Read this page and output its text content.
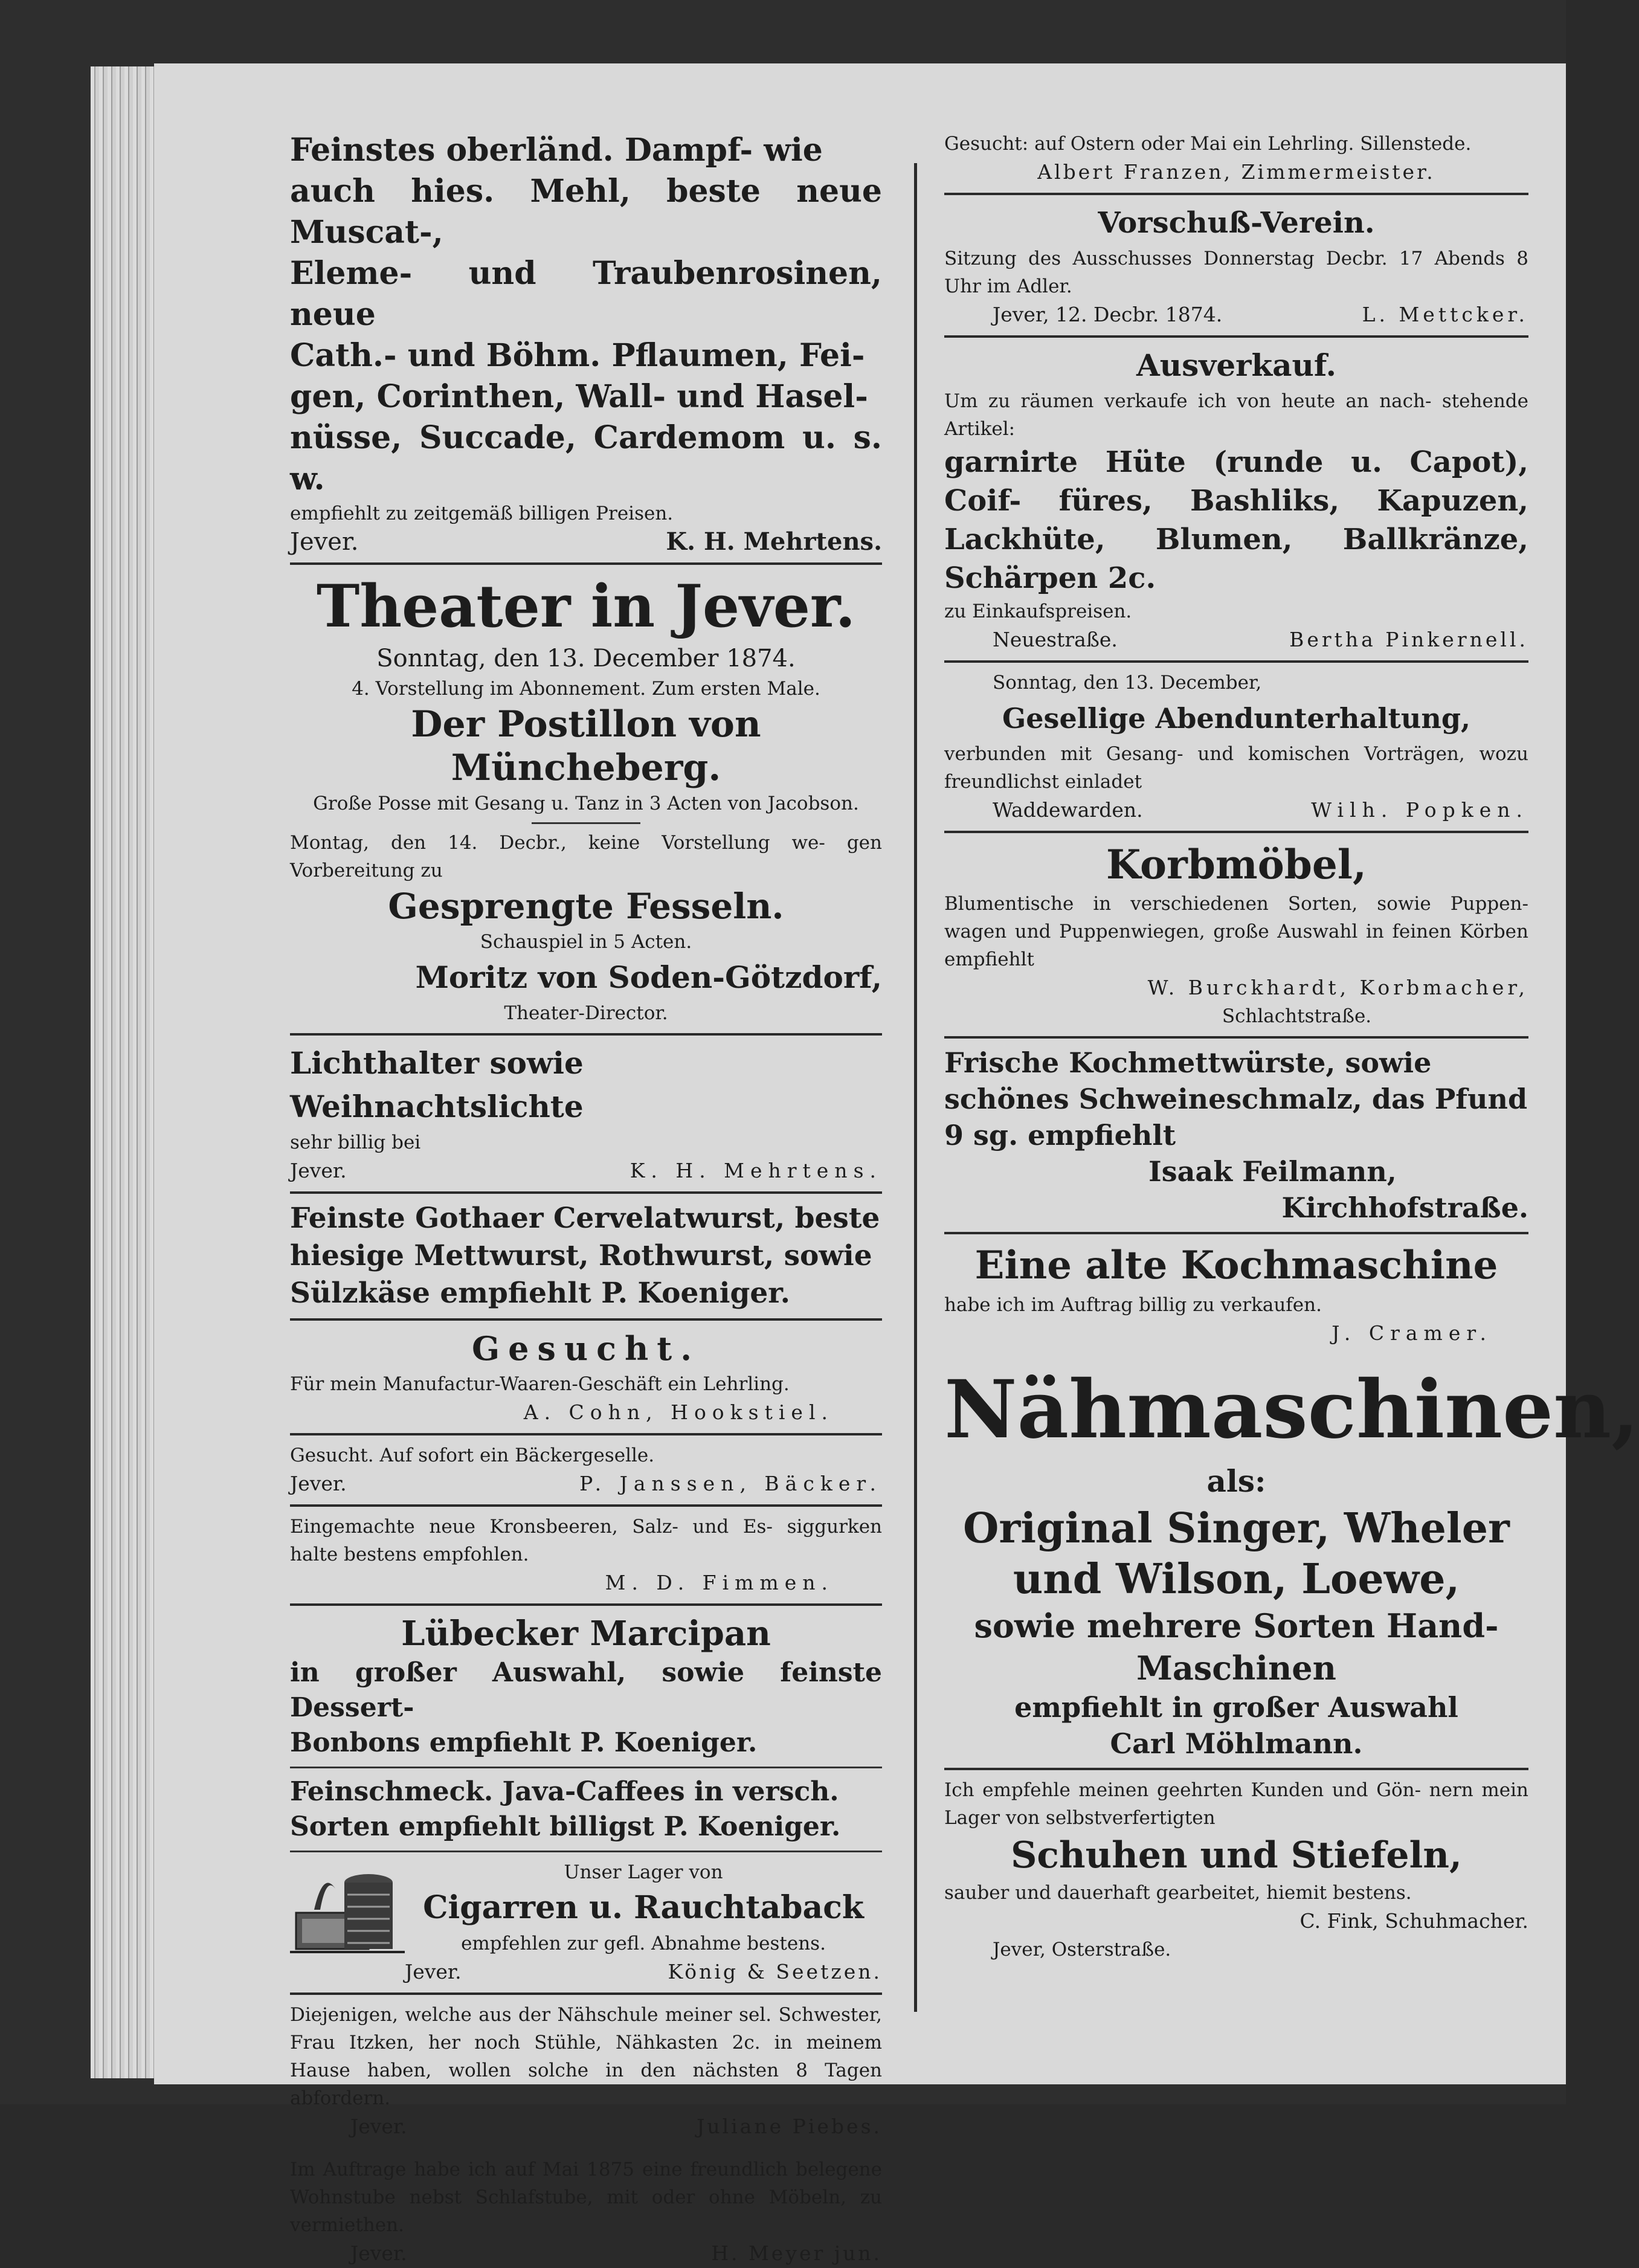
Feinstes oberländ. Dampf- wie
auch hies. Mehl, beste neue Muscat-,
Eleme- und Traubenrosinen, neue
Cath.- und Böhm. Pflaumen, Fei-
gen, Corinthen, Wall- und Hasel-
nüsse, Succade, Cardemom u. s. w.
empfiehlt zu zeitgemäß billigen Preisen.
Jever.	K. H. Mehrtens.
Theater in Jever.
Sonntag, den 13. December 1874.
4. Vorstellung im Abonnement. Zum ersten Male.
Der Postillon von Müncheberg.
Große Posse mit Gesang u. Tanz in 3 Acten von Jacobson.
Montag, den 14. Decbr., keine Vorstellung we- gen Vorbereitung zu
Gesprengte Fesseln.
Schauspiel in 5 Acten.
Moritz von Soden-Götzdorf,
Theater-Director.
Lichthalter sowie Weihnachtslichte
sehr billig bei
Jever.	K. H. Mehrtens.
Feinste Gothaer Cervelatwurst, beste
hiesige Mettwurst, Rothwurst, sowie
Sülzkäse empfiehlt P. Koeniger.
Gesucht.
Für mein Manufactur-Waaren-Geschäft ein Lehrling.
A. Cohn, Hookstiel.
Gesucht. Auf sofort ein Bäckergeselle.
Jever.	P. Janssen, Bäcker.
Eingemachte neue Kronsbeeren, Salz- und Es- siggurken halte bestens empfohlen.
M. D. Fimmen.
Lübecker Marcipan
in großer Auswahl, sowie feinste Dessert-
Bonbons empfiehlt P. Koeniger.
Feinschmeck. Java-Caffees in versch.
Sorten empfiehlt billigst P. Koeniger.
Unser Lager von
Cigarren u. Rauchtaback
empfehlen zur gefl. Abnahme bestens.
Jever.	König & Seetzen.
Diejenigen, welche aus der Nähschule meiner sel. Schwester, Frau Itzken, her noch Stühle, Nähkasten 2c. in meinem Hause haben, wollen solche in den nächsten 8 Tagen abfordern.
Jever.	Juliane Piebes.
Im Auftrage habe ich auf Mai 1875 eine freundlich belegene Wohnstube nebst Schlafstube, mit oder ohne Möbeln, zu vermiethen.
Jever.	H. Meyer jun.
Gesucht: auf Ostern oder Mai ein Lehrling. Sillenstede.
Albert Franzen, Zimmermeister.
Vorschuß-Verein.
Sitzung des Ausschusses Donnerstag Decbr. 17 Abends 8 Uhr im Adler.
Jever, 12. Decbr. 1874.	L. Mettcker.
Ausverkauf.
Um zu räumen verkaufe ich von heute an nach- stehende Artikel:
garnirte Hüte (runde u. Capot), Coif- füres, Bashliks, Kapuzen, Lackhüte, Blumen, Ballkränze, Schärpen 2c.
zu Einkaufspreisen.
Neuestraße.	Bertha Pinkernell.
Sonntag, den 13. December,
Gesellige Abendunterhaltung,
verbunden mit Gesang- und komischen Vorträgen, wozu freundlichst einladet
Waddewarden.	Wilh. Popken.
Korbmöbel,
Blumentische in verschiedenen Sorten, sowie Puppen- wagen und Puppenwiegen, große Auswahl in feinen Körben empfiehlt
W. Burckhardt, Korbmacher,
Schlachtstraße.
Frische Kochmettwürste, sowie
schönes Schweineschmalz, das Pfund
9 sg. empfiehlt
Isaak Feilmann,
Kirchhofstraße.
Eine alte Kochmaschine
habe ich im Auftrag billig zu verkaufen.
J. Cramer.
Nähmaschinen,
als:
Original Singer, Wheler
und Wilson, Loewe,
sowie mehrere Sorten Hand-
Maschinen
empfiehlt in großer Auswahl
Carl Möhlmann.
Ich empfehle meinen geehrten Kunden und Gön- nern mein Lager von selbstverfertigten
Schuhen und Stiefeln,
sauber und dauerhaft gearbeitet, hiemit bestens.
C. Fink, Schuhmacher.
Jever, Osterstraße.
